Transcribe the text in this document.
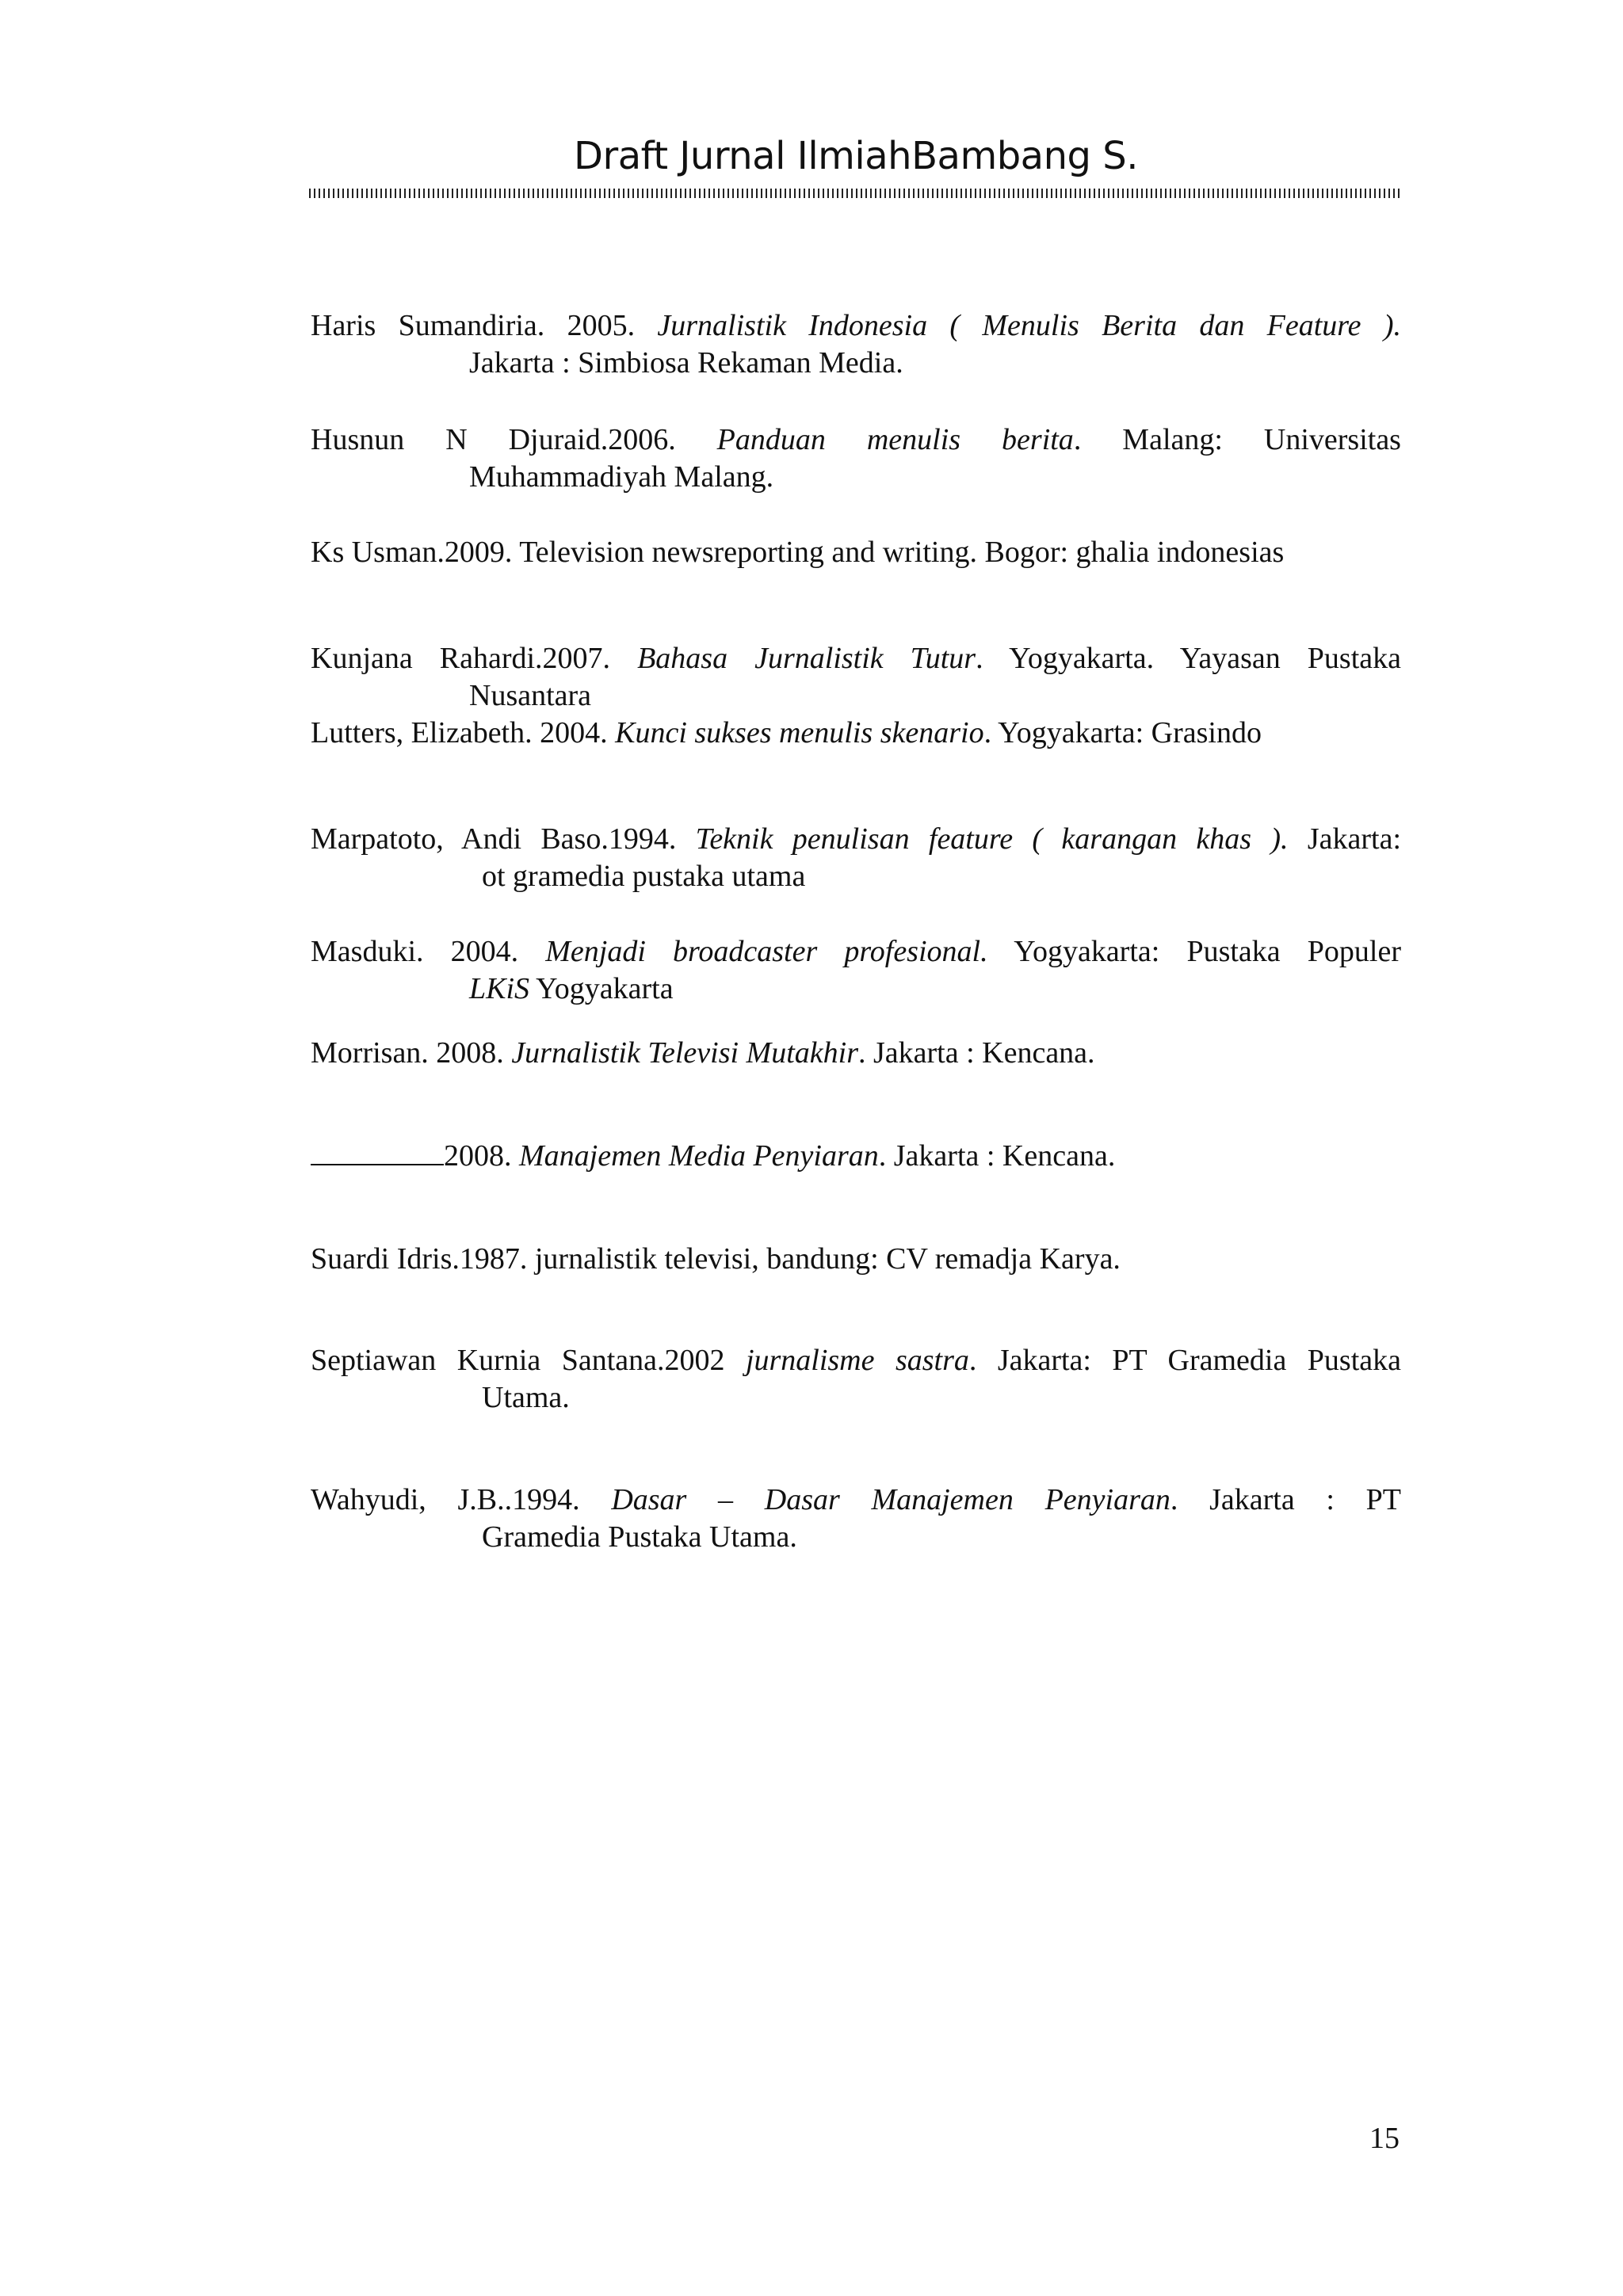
Draft Jurnal IlmiahBambang S.
Haris Sumandiria. 2005. Jurnalistik Indonesia ( Menulis Berita dan Feature ).
Jakarta : Simbiosa Rekaman Media.
Husnun N Djuraid.2006. Panduan menulis berita. Malang: Universitas
Muhammadiyah Malang.
Ks Usman.2009. Television newsreporting and writing. Bogor: ghalia indonesias
Kunjana Rahardi.2007. Bahasa Jurnalistik Tutur. Yogyakarta. Yayasan Pustaka
Nusantara
Lutters, Elizabeth. 2004. Kunci sukses menulis skenario. Yogyakarta: Grasindo
Marpatoto, Andi Baso.1994. Teknik penulisan feature ( karangan khas ). Jakarta:
ot gramedia pustaka utama
Masduki. 2004. Menjadi broadcaster profesional. Yogyakarta: Pustaka Populer
LKiS Yogyakarta
Morrisan. 2008. Jurnalistik Televisi Mutakhir. Jakarta : Kencana.
2008. Manajemen Media Penyiaran. Jakarta : Kencana.
Suardi Idris.1987. jurnalistik televisi, bandung: CV remadja Karya.
Septiawan Kurnia Santana.2002 jurnalisme sastra. Jakarta: PT Gramedia Pustaka
Utama.
Wahyudi, J.B..1994. Dasar – Dasar Manajemen Penyiaran. Jakarta : PT
Gramedia Pustaka Utama.
15
